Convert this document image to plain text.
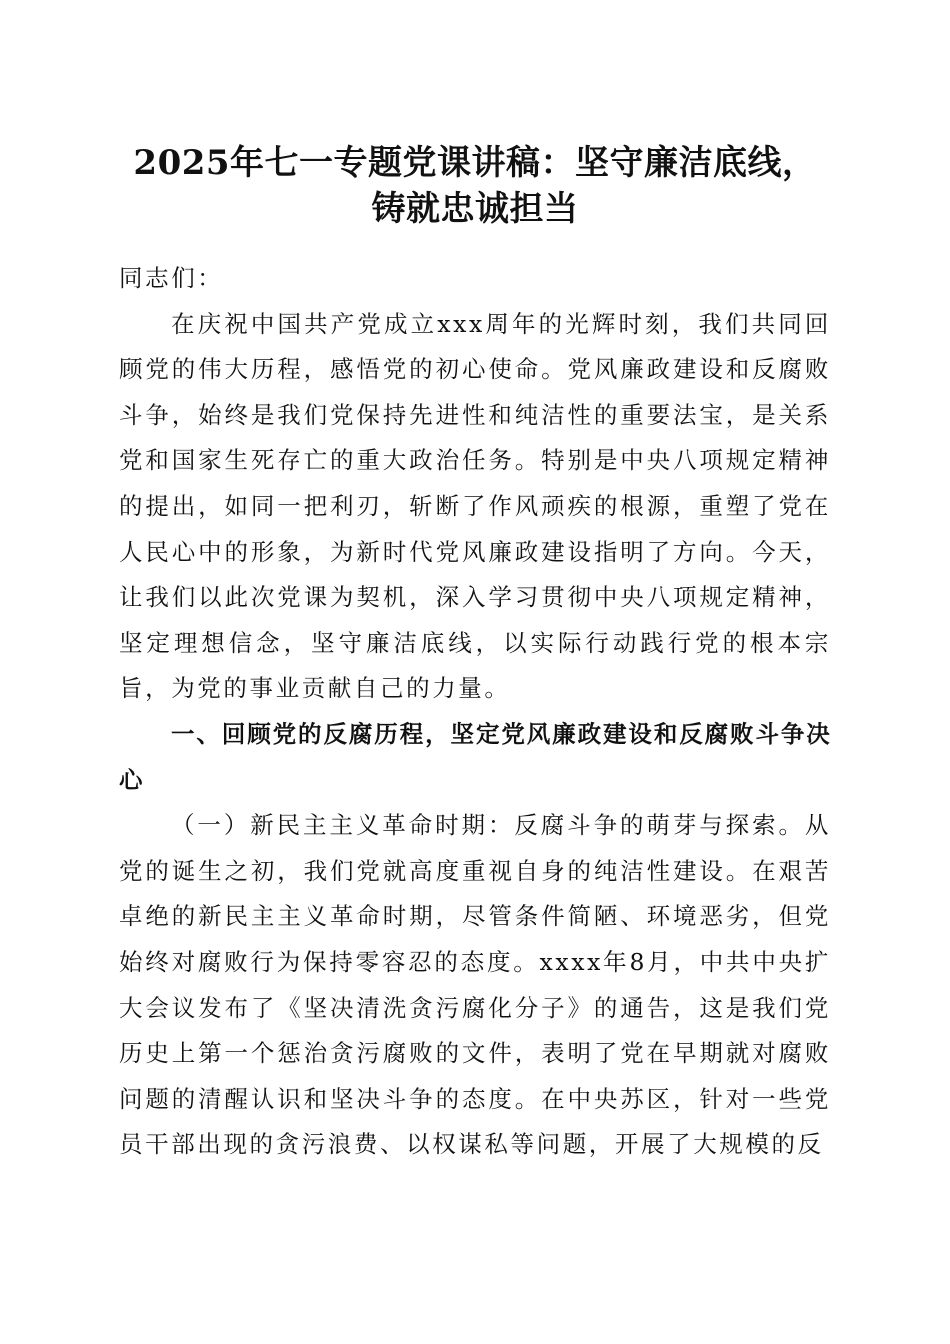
2025年七一专题党课讲稿：坚守廉洁底线，
铸就忠诚担当

同志们：

在庆祝中国共产党成立xxx周年的光辉时刻，我们共同回顾党的伟大历程，感悟党的初心使命。党风廉政建设和反腐败斗争，始终是我们党保持先进性和纯洁性的重要法宝，是关系党和国家生死存亡的重大政治任务。特别是中央八项规定精神的提出，如同一把利刃，斩断了作风顽疾的根源，重塑了党在人民心中的形象，为新时代党风廉政建设指明了方向。今天，让我们以此次党课为契机，深入学习贯彻中央八项规定精神，坚定理想信念，坚守廉洁底线，以实际行动践行党的根本宗旨，为党的事业贡献自己的力量。

一、回顾党的反腐历程，坚定党风廉政建设和反腐败斗争决心

（一）新民主主义革命时期：反腐斗争的萌芽与探索。从党的诞生之初，我们党就高度重视自身的纯洁性建设。在艰苦卓绝的新民主主义革命时期，尽管条件简陋、环境恶劣，但党始终对腐败行为保持零容忍的态度。xxxx年8月，中共中央扩大会议发布了《坚决清洗贪污腐化分子》的通告，这是我们党历史上第一个惩治贪污腐败的文件，表明了党在早期就对腐败问题的清醒认识和坚决斗争的态度。在中央苏区，针对一些党员干部出现的贪污浪费、以权谋私等问题，开展了大规模的反
